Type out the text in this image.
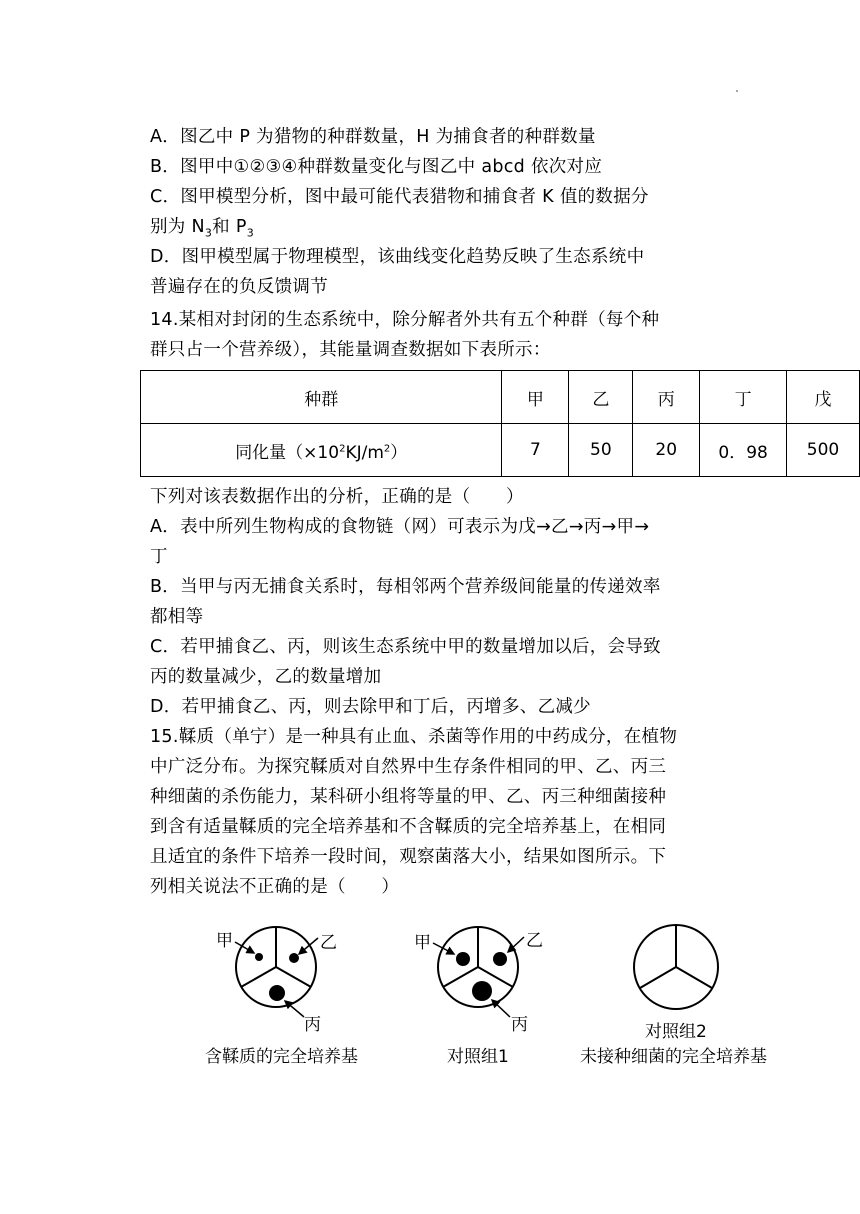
A．图乙中 P 为猎物的种群数量，H 为捕食者的种群数量
B．图甲中①②③④种群数量变化与图乙中 abcd 依次对应
C．图甲模型分析，图中最可能代表猎物和捕食者 K 值的数据分
别为 $N_3$和 $P_3$
D．图甲模型属于物理模型，该曲线变化趋势反映了生态系统中
普遍存在的负反馈调节
14.某相对封闭的生态系统中，除分解者外共有五个种群（每个种
群只占一个营养级），其能量调查数据如下表所示：
种群	甲	乙	丙	丁	戊
同化量$(\times 10^2KJ/m^2)$	7	50	20	0．98	500
下列对该表数据作出的分析，正确的是（　　）
A．表中所列生物构成的食物链（网）可表示为戊→乙→丙→甲→
丁
B．当甲与丙无捕食关系时，每相邻两个营养级间能量的传递效率
都相等
C．若甲捕食乙、丙，则该生态系统中甲的数量增加以后，会导致
丙的数量减少，乙的数量增加
D．若甲捕食乙、丙，则去除甲和丁后，丙增多、乙减少
15.鞣质（单宁）是一种具有止血、杀菌等作用的中药成分，在植物
中广泛分布。为探究鞣质对自然界中生存条件相同的甲、乙、丙三
种细菌的杀伤能力，某科研小组将等量的甲、乙、丙三种细菌接种
到含有适量鞣质的完全培养基和不含鞣质的完全培养基上，在相同
且适宜的条件下培养一段时间，观察菌落大小，结果如图所示。下
列相关说法不正确的是（　　）
甲	乙
丙
甲	乙
丙
含鞣质的完全培养基	对照组1
对照组2
未接种细菌的完全培养基
